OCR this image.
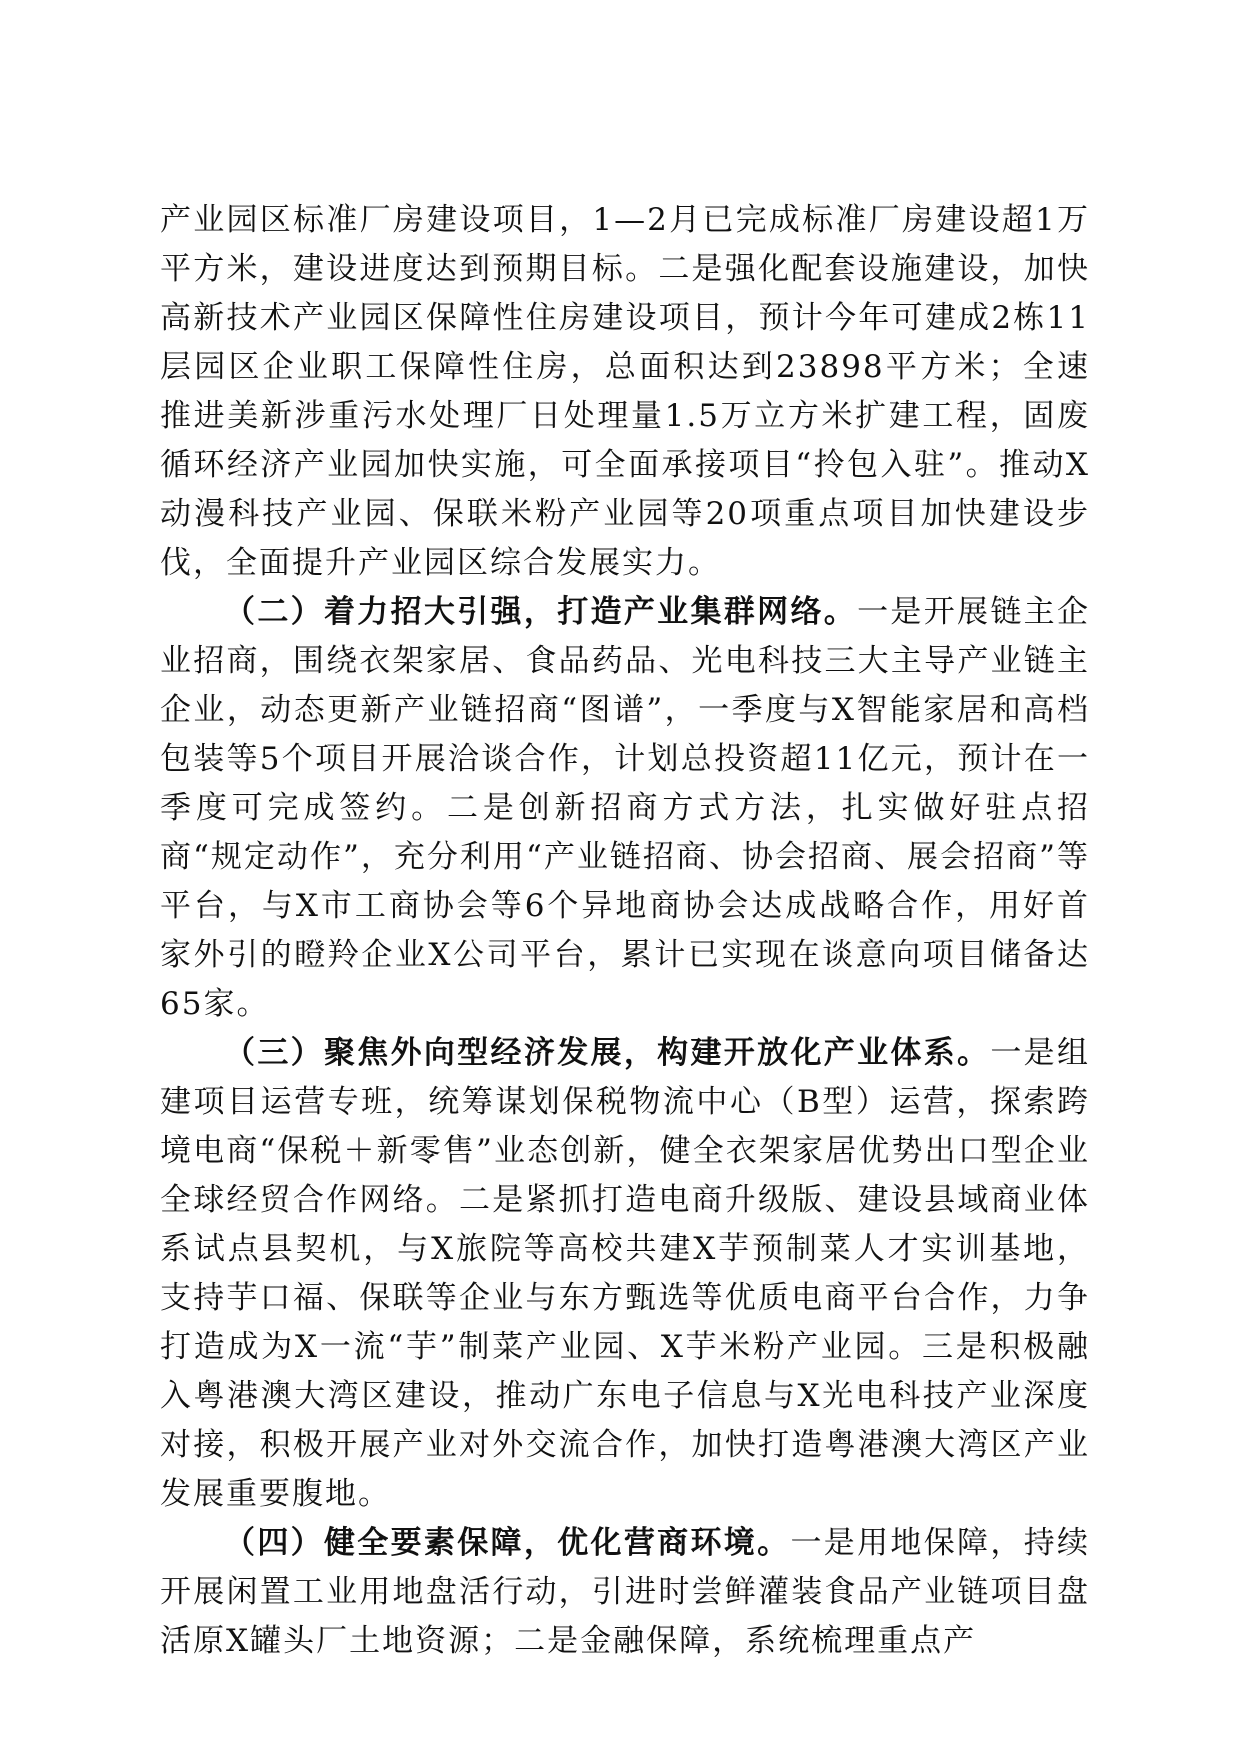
产业园区标准厂房建设项目，1—2月已完成标准厂房建设超1万平方米，建设进度达到预期目标。二是强化配套设施建设，加快高新技术产业园区保障性住房建设项目，预计今年可建成2栋11层园区企业职工保障性住房，总面积达到23898平方米；全速推进美新涉重污水处理厂日处理量1.5万立方米扩建工程，固废循环经济产业园加快实施，可全面承接项目“拎包入驻”。推动X动漫科技产业园、保联米粉产业园等20项重点项目加快建设步伐，全面提升产业园区综合发展实力。

（二）着力招大引强，打造产业集群网络。一是开展链主企业招商，围绕衣架家居、食品药品、光电科技三大主导产业链主企业，动态更新产业链招商“图谱”，一季度与X智能家居和高档包装等5个项目开展洽谈合作，计划总投资超11亿元，预计在一季度可完成签约。二是创新招商方式方法，扎实做好驻点招商“规定动作”，充分利用“产业链招商、协会招商、展会招商”等平台，与X市工商协会等6个异地商协会达成战略合作，用好首家外引的瞪羚企业X公司平台，累计已实现在谈意向项目储备达65家。

（三）聚焦外向型经济发展，构建开放化产业体系。一是组建项目运营专班，统筹谋划保税物流中心（B型）运营，探索跨境电商“保税＋新零售”业态创新，健全衣架家居优势出口型企业全球经贸合作网络。二是紧抓打造电商升级版、建设县域商业体系试点县契机，与X旅院等高校共建X芋预制菜人才实训基地，支持芋口福、保联等企业与东方甄选等优质电商平台合作，力争打造成为X一流“芋”制菜产业园、X芋米粉产业园。三是积极融入粤港澳大湾区建设，推动广东电子信息与X光电科技产业深度对接，积极开展产业对外交流合作，加快打造粤港澳大湾区产业发展重要腹地。

（四）健全要素保障，优化营商环境。一是用地保障，持续开展闲置工业用地盘活行动，引进时尝鲜灌装食品产业链项目盘活原X罐头厂土地资源；二是金融保障，系统梳理重点产
